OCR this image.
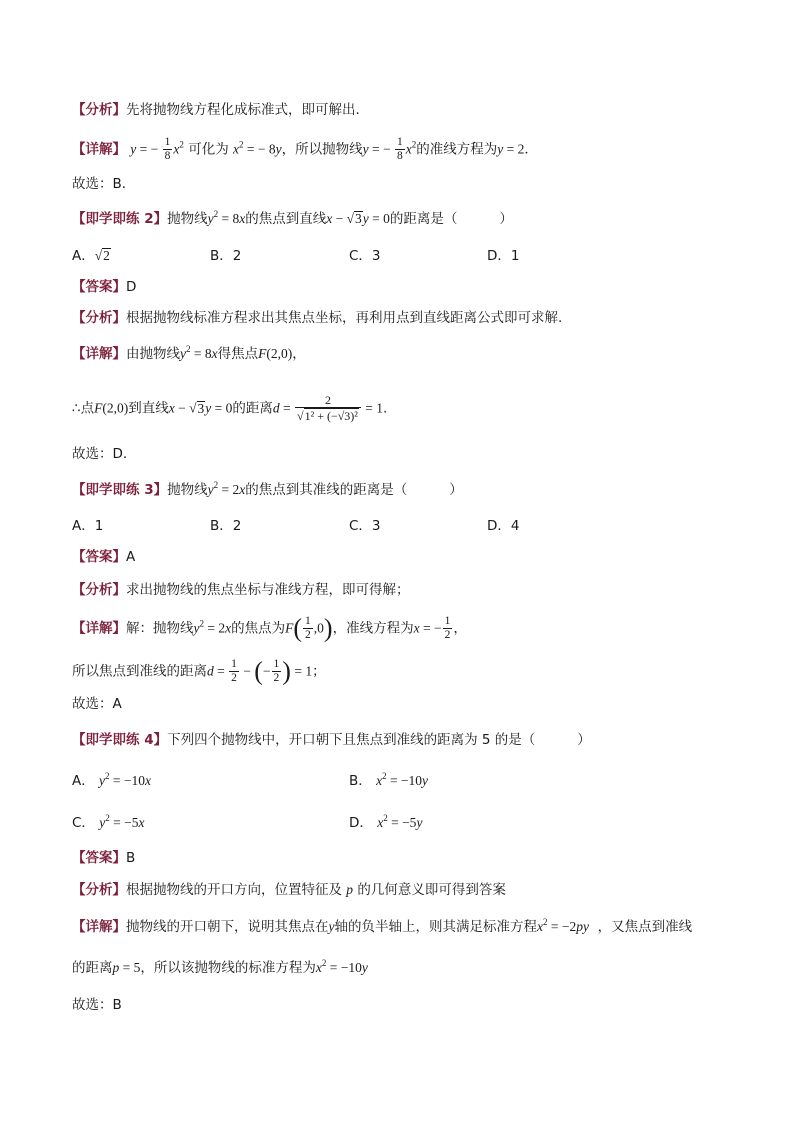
【分析】先将抛物线方程化成标准式，即可解出．
【详解】 y = − $\frac{1}{8} x^2$ 可化为 $x^2$ = − 8y，所以抛物线y = − $\frac{1}{8} x^2$的准线方程为y = 2．
故选：B．
【即学即练 2】抛物线$y^2 = 8x$的焦点到直线x − √3y = 0的距离是（	）
A．√2	B．2	C．3	D．1
【答案】D
【分析】根据抛物线标准方程求出其焦点坐标，再利用点到直线距离公式即可求解.
【详解】由抛物线$y^2 = 8x$得焦点F(2,0)，
∴点F(2,0)到直线x − √3y = 0的距离$d = \frac{2}{\text{√1² + (−√3)²}} = 1$.
故选：D.
【即学即练 3】抛物线$y^2 = 2x$的焦点到其准线的距离是（	）
A．1	B．2	C．3	D．4
【答案】A
【分析】求出抛物线的焦点坐标与准线方程，即可得解；
【详解】解：抛物线$y^2 = 2x$的焦点为$F( \frac{1}{2} ,0)$，准线方程为x = − $\frac{1}{2}$ ，
所以焦点到准线的距离$d = \frac{1}{2}$ − (− $\frac{1}{2}$ ) = 1；
故选：A
【即学即练 4】下列四个抛物线中，开口朝下且焦点到准线的距离为 5 的是（	）
A． $y^2 = -10x$	B． $x^2 = -10y$
C． $y^2 = -5x$	D． $x^2 = -5y$
【答案】B
【分析】根据抛物线的开口方向，位置特征及 p 的几何意义即可得到答案
【详解】抛物线的开口朝下，说明其焦点在y轴的负半轴上，则其满足标准方程$x^2 = -2py$ ，又焦点到准线
的距离p = 5，所以该抛物线的标准方程为$x^2 = -10y$
故选：B
